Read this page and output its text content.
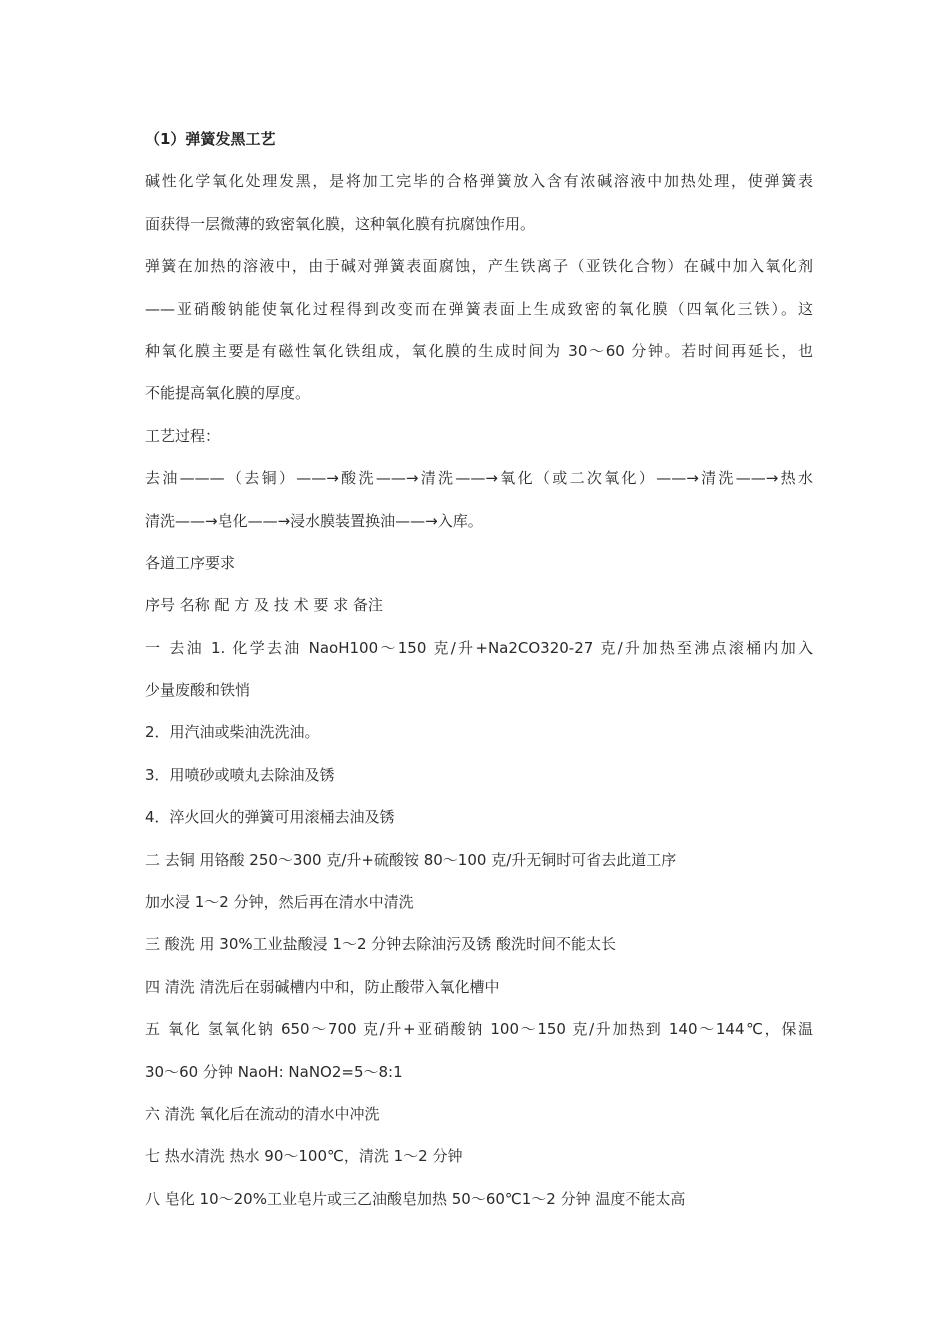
（1）弹簧发黑工艺
碱性化学氧化处理发黑，是将加工完毕的合格弹簧放入含有浓碱溶液中加热处理，使弹簧表
面获得一层微薄的致密氧化膜，这种氧化膜有抗腐蚀作用。
弹簧在加热的溶液中，由于碱对弹簧表面腐蚀，产生铁离子（亚铁化合物）在碱中加入氧化剂
——亚硝酸钠能使氧化过程得到改变而在弹簧表面上生成致密的氧化膜（四氧化三铁）。这
种氧化膜主要是有磁性氧化铁组成，氧化膜的生成时间为 30～60 分钟。若时间再延长，也
不能提高氧化膜的厚度。
工艺过程：
去油———（去铜）——→酸洗——→清洗——→氧化（或二次氧化）——→清洗——→热水
清洗——→皂化——→浸水膜装置换油——→入库。
各道工序要求
序号 名称 配 方 及 技 术 要 求 备注
一 去油 1. 化学去油 NaoH100～150 克/升+Na2CO320-27 克/升加热至沸点滚桶内加入
少量废酸和铁悄
2．用汽油或柴油洗洗油。
3．用喷砂或喷丸去除油及锈
4．淬火回火的弹簧可用滚桶去油及锈
二 去铜 用铬酸 250～300 克/升+硫酸铵 80～100 克/升无铜时可省去此道工序
加水浸 1～2 分钟，然后再在清水中清洗
三 酸洗 用 30%工业盐酸浸 1～2 分钟去除油污及锈 酸洗时间不能太长
四 清洗 清洗后在弱碱槽内中和，防止酸带入氧化槽中
五 氧化 氢氧化钠 650～700 克/升+亚硝酸钠 100～150 克/升加热到 140～144℃，保温
30～60 分钟 NaoH: NaNO2=5～8:1
六 清洗 氧化后在流动的清水中冲洗
七 热水清洗 热水 90～100℃，清洗 1～2 分钟
八 皂化 10～20%工业皂片或三乙油酸皂加热 50～60℃1～2 分钟 温度不能太高
